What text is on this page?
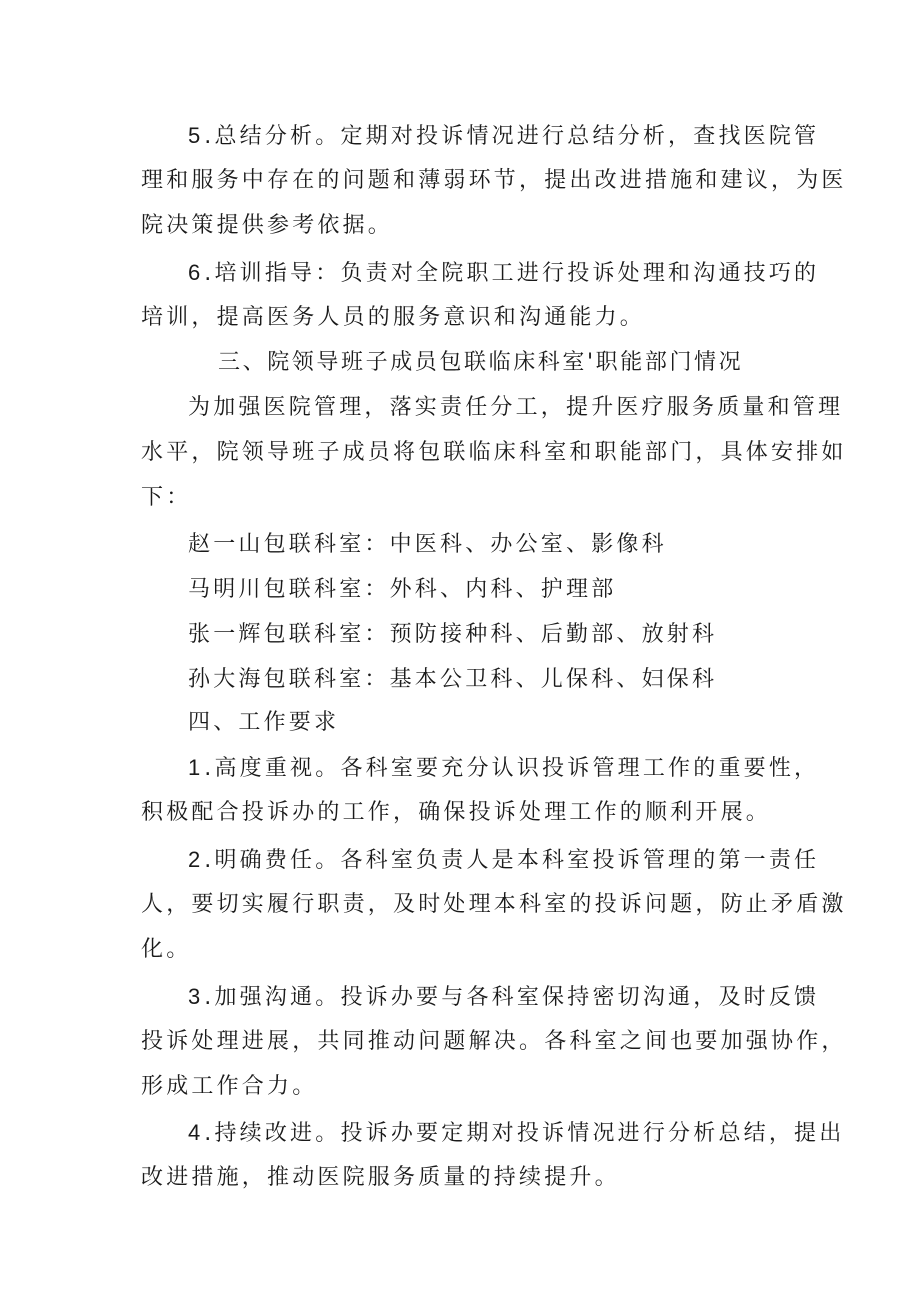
5 .总结分析。定期对投诉情况进行总结分析，查找医院管
理和服务中存在的问题和薄弱环节，提出改进措施和建议，为医
院决策提供参考依据。
6 .培训指导：负责对全院职工进行投诉处理和沟通技巧的
培训，提高医务人员的服务意识和沟通能力。
三、院领导班子成员包联临床科室'职能部门情况
为加强医院管理，落实责任分工，提升医疗服务质量和管理
水平，院领导班子成员将包联临床科室和职能部门，具体安排如
下：
赵一山包联科室：中医科、办公室、影像科
马明川包联科室：外科、内科、护理部
张一辉包联科室：预防接种科、后勤部、放射科
孙大海包联科室：基本公卫科、儿保科、妇保科
四、工作要求
1 .高度重视。各科室要充分认识投诉管理工作的重要性，
积极配合投诉办的工作，确保投诉处理工作的顺利开展。
2 .明确费任。各科室负责人是本科室投诉管理的第一责任
人，要切实履行职责，及时处理本科室的投诉问题，防止矛盾激
化。
3 .加强沟通。投诉办要与各科室保持密切沟通，及时反馈
投诉处理进展，共同推动问题解决。各科室之间也要加强协作，
形成工作合力。
4 .持续改进。投诉办要定期对投诉情况进行分析总结，提出
改进措施，推动医院服务质量的持续提升。
